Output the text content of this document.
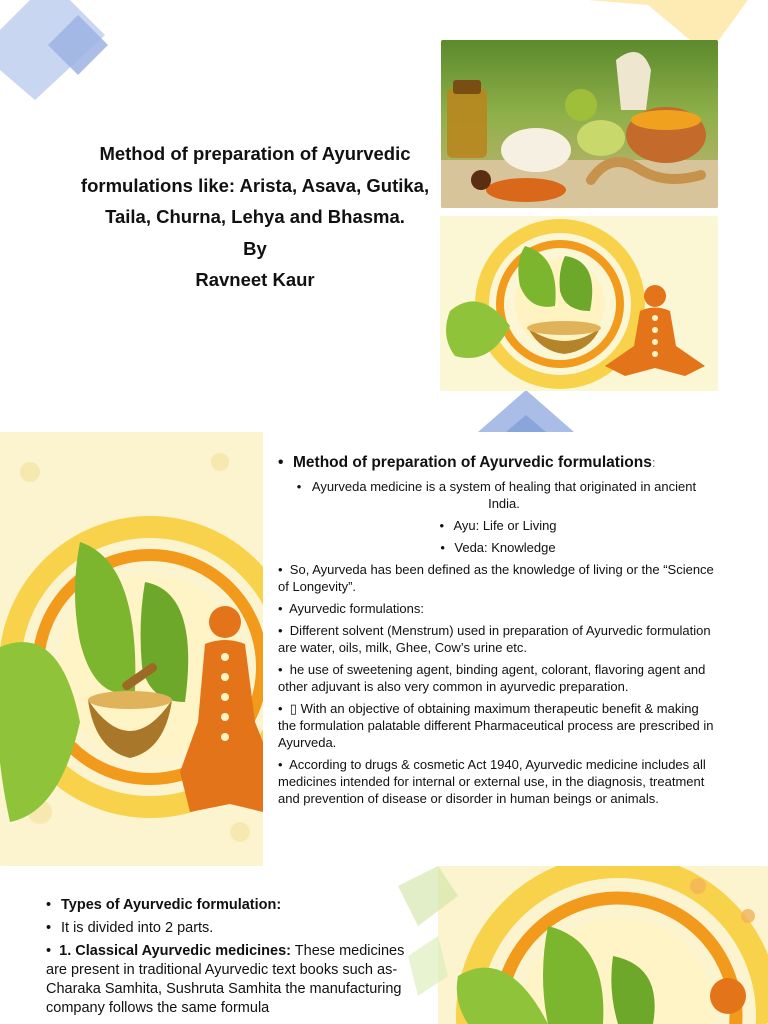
Method of preparation of Ayurvedic
formulations like: Arista, Asava, Gutika,
Taila, Churna, Lehya and Bhasma.
By
Ravneet Kaur
• Method of preparation of Ayurvedic formulations:
• Ayurveda medicine is a system of healing that originated in ancient India.
• Ayu: Life or Living
• Veda: Knowledge
• So, Ayurveda has been defined as the knowledge of living or the “Science of Longevity”.
• Ayurvedic formulations:
• Different solvent (Menstrum) used in preparation of Ayurvedic formulation are water, oils, milk, Ghee, Cow’s urine etc.
• he use of sweetening agent, binding agent, colorant, flavoring agent and other adjuvant is also very common in ayurvedic preparation.
• ▯ With an objective of obtaining maximum therapeutic benefit & making the formulation palatable different Pharmaceutical process are prescribed in Ayurveda.
• According to drugs & cosmetic Act 1940, Ayurvedic medicine includes all medicines intended for internal or external use, in the diagnosis, treatment and prevention of disease or disorder in human beings or animals.
• Types of Ayurvedic formulation:
• It is divided into 2 parts.
• 1. Classical Ayurvedic medicines: These medicines are present in traditional Ayurvedic text books such as-Charaka Samhita, Sushruta Samhita the manufacturing company follows the same formula
